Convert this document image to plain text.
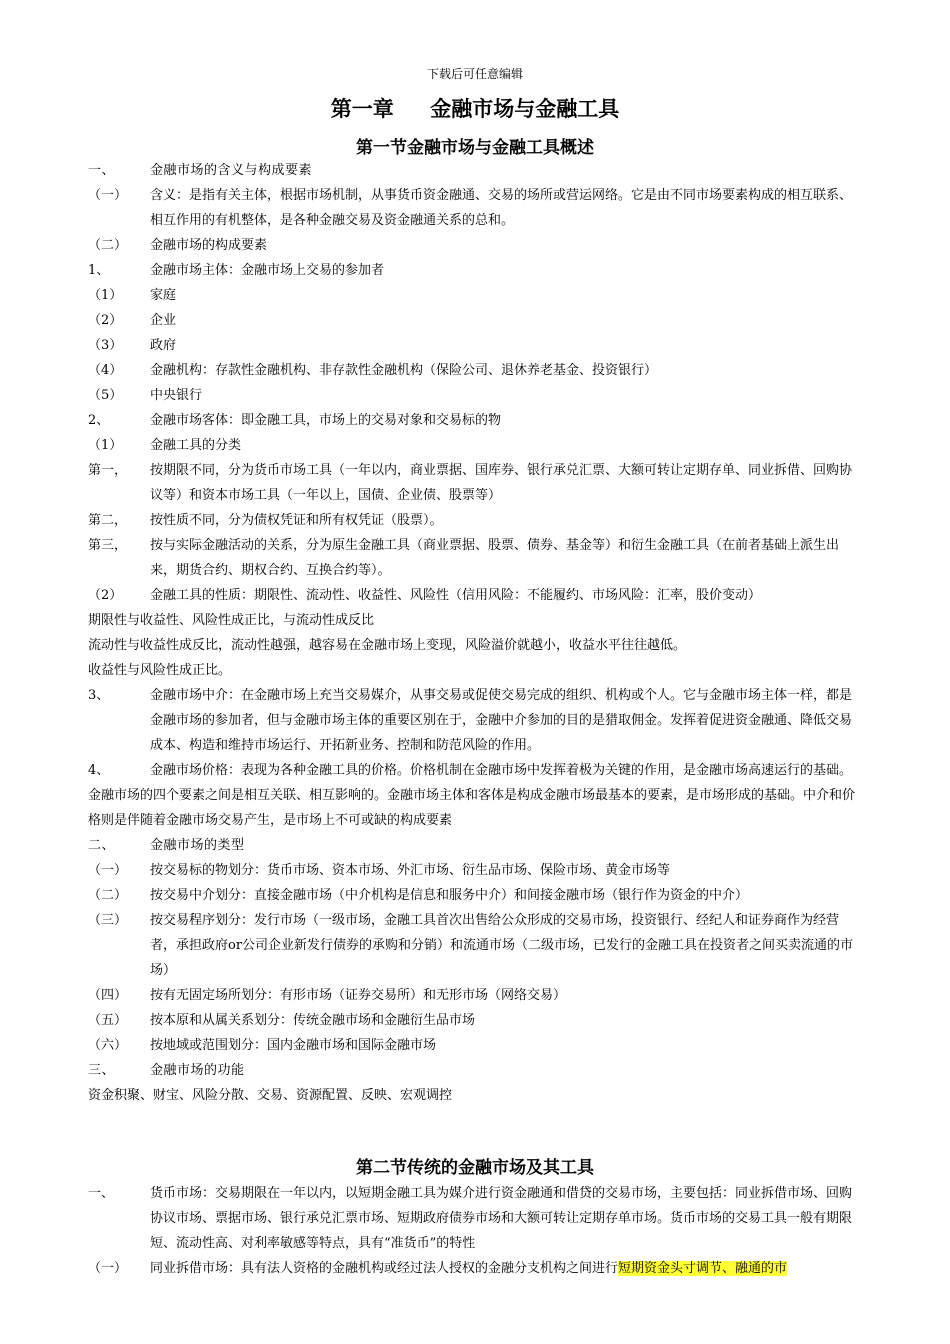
下载后可任意编辑
第一章     金融市场与金融工具
第一节金融市场与金融工具概述
一、	金融市场的含义与构成要素
（一）	含义：是指有关主体，根据市场机制，从事货币资金融通、交易的场所或营运网络。它是由不同市场要素构成的相互联系、相互作用的有机整体，是各种金融交易及资金融通关系的总和。
（二）	金融市场的构成要素
1、	金融市场主体：金融市场上交易的参加者
（1）	家庭
（2）	企业
（3）	政府
（4）	金融机构：存款性金融机构、非存款性金融机构（保险公司、退休养老基金、投资银行）
（5）	中央银行
2、	金融市场客体：即金融工具，市场上的交易对象和交易标的物
（1）	金融工具的分类
第一，	按期限不同，分为货币市场工具（一年以内，商业票据、国库券、银行承兑汇票、大额可转让定期存单、同业拆借、回购协议等）和资本市场工具（一年以上，国债、企业债、股票等）
第二，	按性质不同，分为债权凭证和所有权凭证（股票）。
第三，	按与实际金融活动的关系，分为原生金融工具（商业票据、股票、债券、基金等）和衍生金融工具（在前者基础上派生出来，期货合约、期权合约、互换合约等）。
（2）	金融工具的性质：期限性、流动性、收益性、风险性（信用风险：不能履约、市场风险：汇率，股价变动）
期限性与收益性、风险性成正比，与流动性成反比
流动性与收益性成反比，流动性越强，越容易在金融市场上变现，风险溢价就越小，收益水平往往越低。
收益性与风险性成正比。
3、	金融市场中介：在金融市场上充当交易媒介，从事交易或促使交易完成的组织、机构或个人。它与金融市场主体一样，都是金融市场的参加者，但与金融市场主体的重要区别在于，金融中介参加的目的是猎取佣金。发挥着促进资金融通、降低交易成本、构造和维持市场运行、开拓新业务、控制和防范风险的作用。
4、	金融市场价格：表现为各种金融工具的价格。价格机制在金融市场中发挥着极为关键的作用，是金融市场高速运行的基础。
金融市场的四个要素之间是相互关联、相互影响的。金融市场主体和客体是构成金融市场最基本的要素，是市场形成的基础。中介和价格则是伴随着金融市场交易产生，是市场上不可或缺的构成要素
二、	金融市场的类型
（一）	按交易标的物划分：货币市场、资本市场、外汇市场、衍生品市场、保险市场、黄金市场等
（二）	按交易中介划分：直接金融市场（中介机构是信息和服务中介）和间接金融市场（银行作为资金的中介）
（三）	按交易程序划分：发行市场（一级市场，金融工具首次出售给公众形成的交易市场，投资银行、经纪人和证券商作为经营者，承担政府or公司企业新发行债券的承购和分销）和流通市场（二级市场，已发行的金融工具在投资者之间买卖流通的市场）
（四）	按有无固定场所划分：有形市场（证券交易所）和无形市场（网络交易）
（五）	按本原和从属关系划分：传统金融市场和金融衍生品市场
（六）	按地域或范围划分：国内金融市场和国际金融市场
三、	金融市场的功能
资金积聚、财宝、风险分散、交易、资源配置、反映、宏观调控
第二节传统的金融市场及其工具
一、	货币市场：交易期限在一年以内，以短期金融工具为媒介进行资金融通和借贷的交易市场，主要包括：同业拆借市场、回购协议市场、票据市场、银行承兑汇票市场、短期政府债券市场和大额可转让定期存单市场。货币市场的交易工具一般有期限短、流动性高、对利率敏感等特点，具有“准货币”的特性
（一）	同业拆借市场：具有法人资格的金融机构或经过法人授权的金融分支机构之间进行短期资金头寸调节、融通的市
